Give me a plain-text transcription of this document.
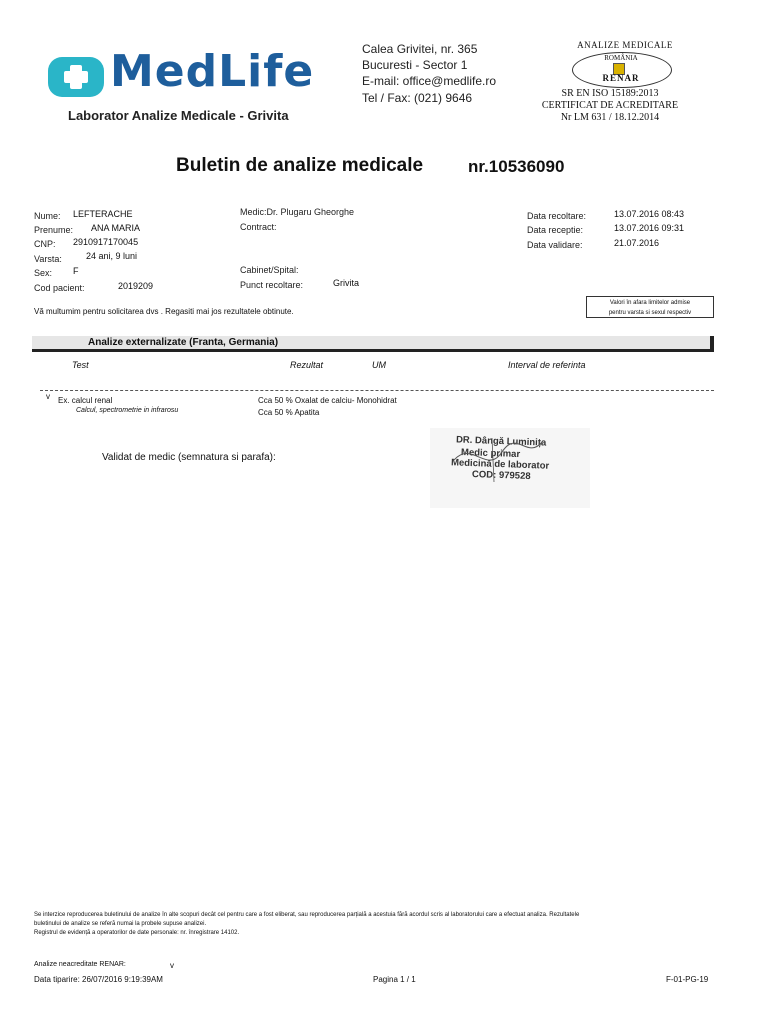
MedLife
Laborator Analize Medicale - Grivita
Calea Grivitei, nr. 365
Bucuresti - Sector 1
E-mail: office@medlife.ro
Tel / Fax: (021) 9646
ANALIZE MEDICALE
ROMÂNIA
RENAR
SR EN ISO 15189:2013
CERTIFICAT DE ACREDITARE
Nr LM 631 / 18.12.2014
Buletin de analize medicale	nr.10536090
Nume: LEFTERACHE
Prenume: ANA MARIA
CNP: 2910917170045
Varsta:	24 ani, 9 luni
Sex: F
Cod pacient:	2019209
Medic:Dr. Plugaru Gheorghe
Contract:
Cabinet/Spital:
Punct recoltare:	Grivita
Data recoltare:	13.07.2016 08:43
Data receptie:	13.07.2016 09:31
Data validare:	21.07.2016
Valori în afara limitelor admise
pentru varsta si sexul respectiv
Vă multumim pentru solicitarea dvs . Regasiti mai jos rezultatele obtinute.
Analize externalizate (Franta, Germania)
Test	Rezultat	UM	Interval de referinta
v Ex. calcul renal
Calcul, spectrometrie in infrarosu
Cca 50 % Oxalat de calciu- Monohidrat
Cca 50 % Apatita
Validat de medic (semnatura si parafa):
DR. Dângă Luminița
Medic primar
Medicină de laborator
COD: 979528
Se interzice reproducerea buletinului de analize în alte scopuri decât cel pentru care a fost eliberat, sau reproducerea parțială a acestuia fără acordul scris al laboratorului care a efectuat analiza. Rezultatele
Registrul de evidență a operatorilor de date personale: nr. înregistrare 14102.
buletinului de analize se referă numai la probele supuse analizei.
Analize neacreditate RENAR:	v
Data tiparire: 26/07/2016 9:19:39AM	Pagina 1 / 1	F-01-PG-19
